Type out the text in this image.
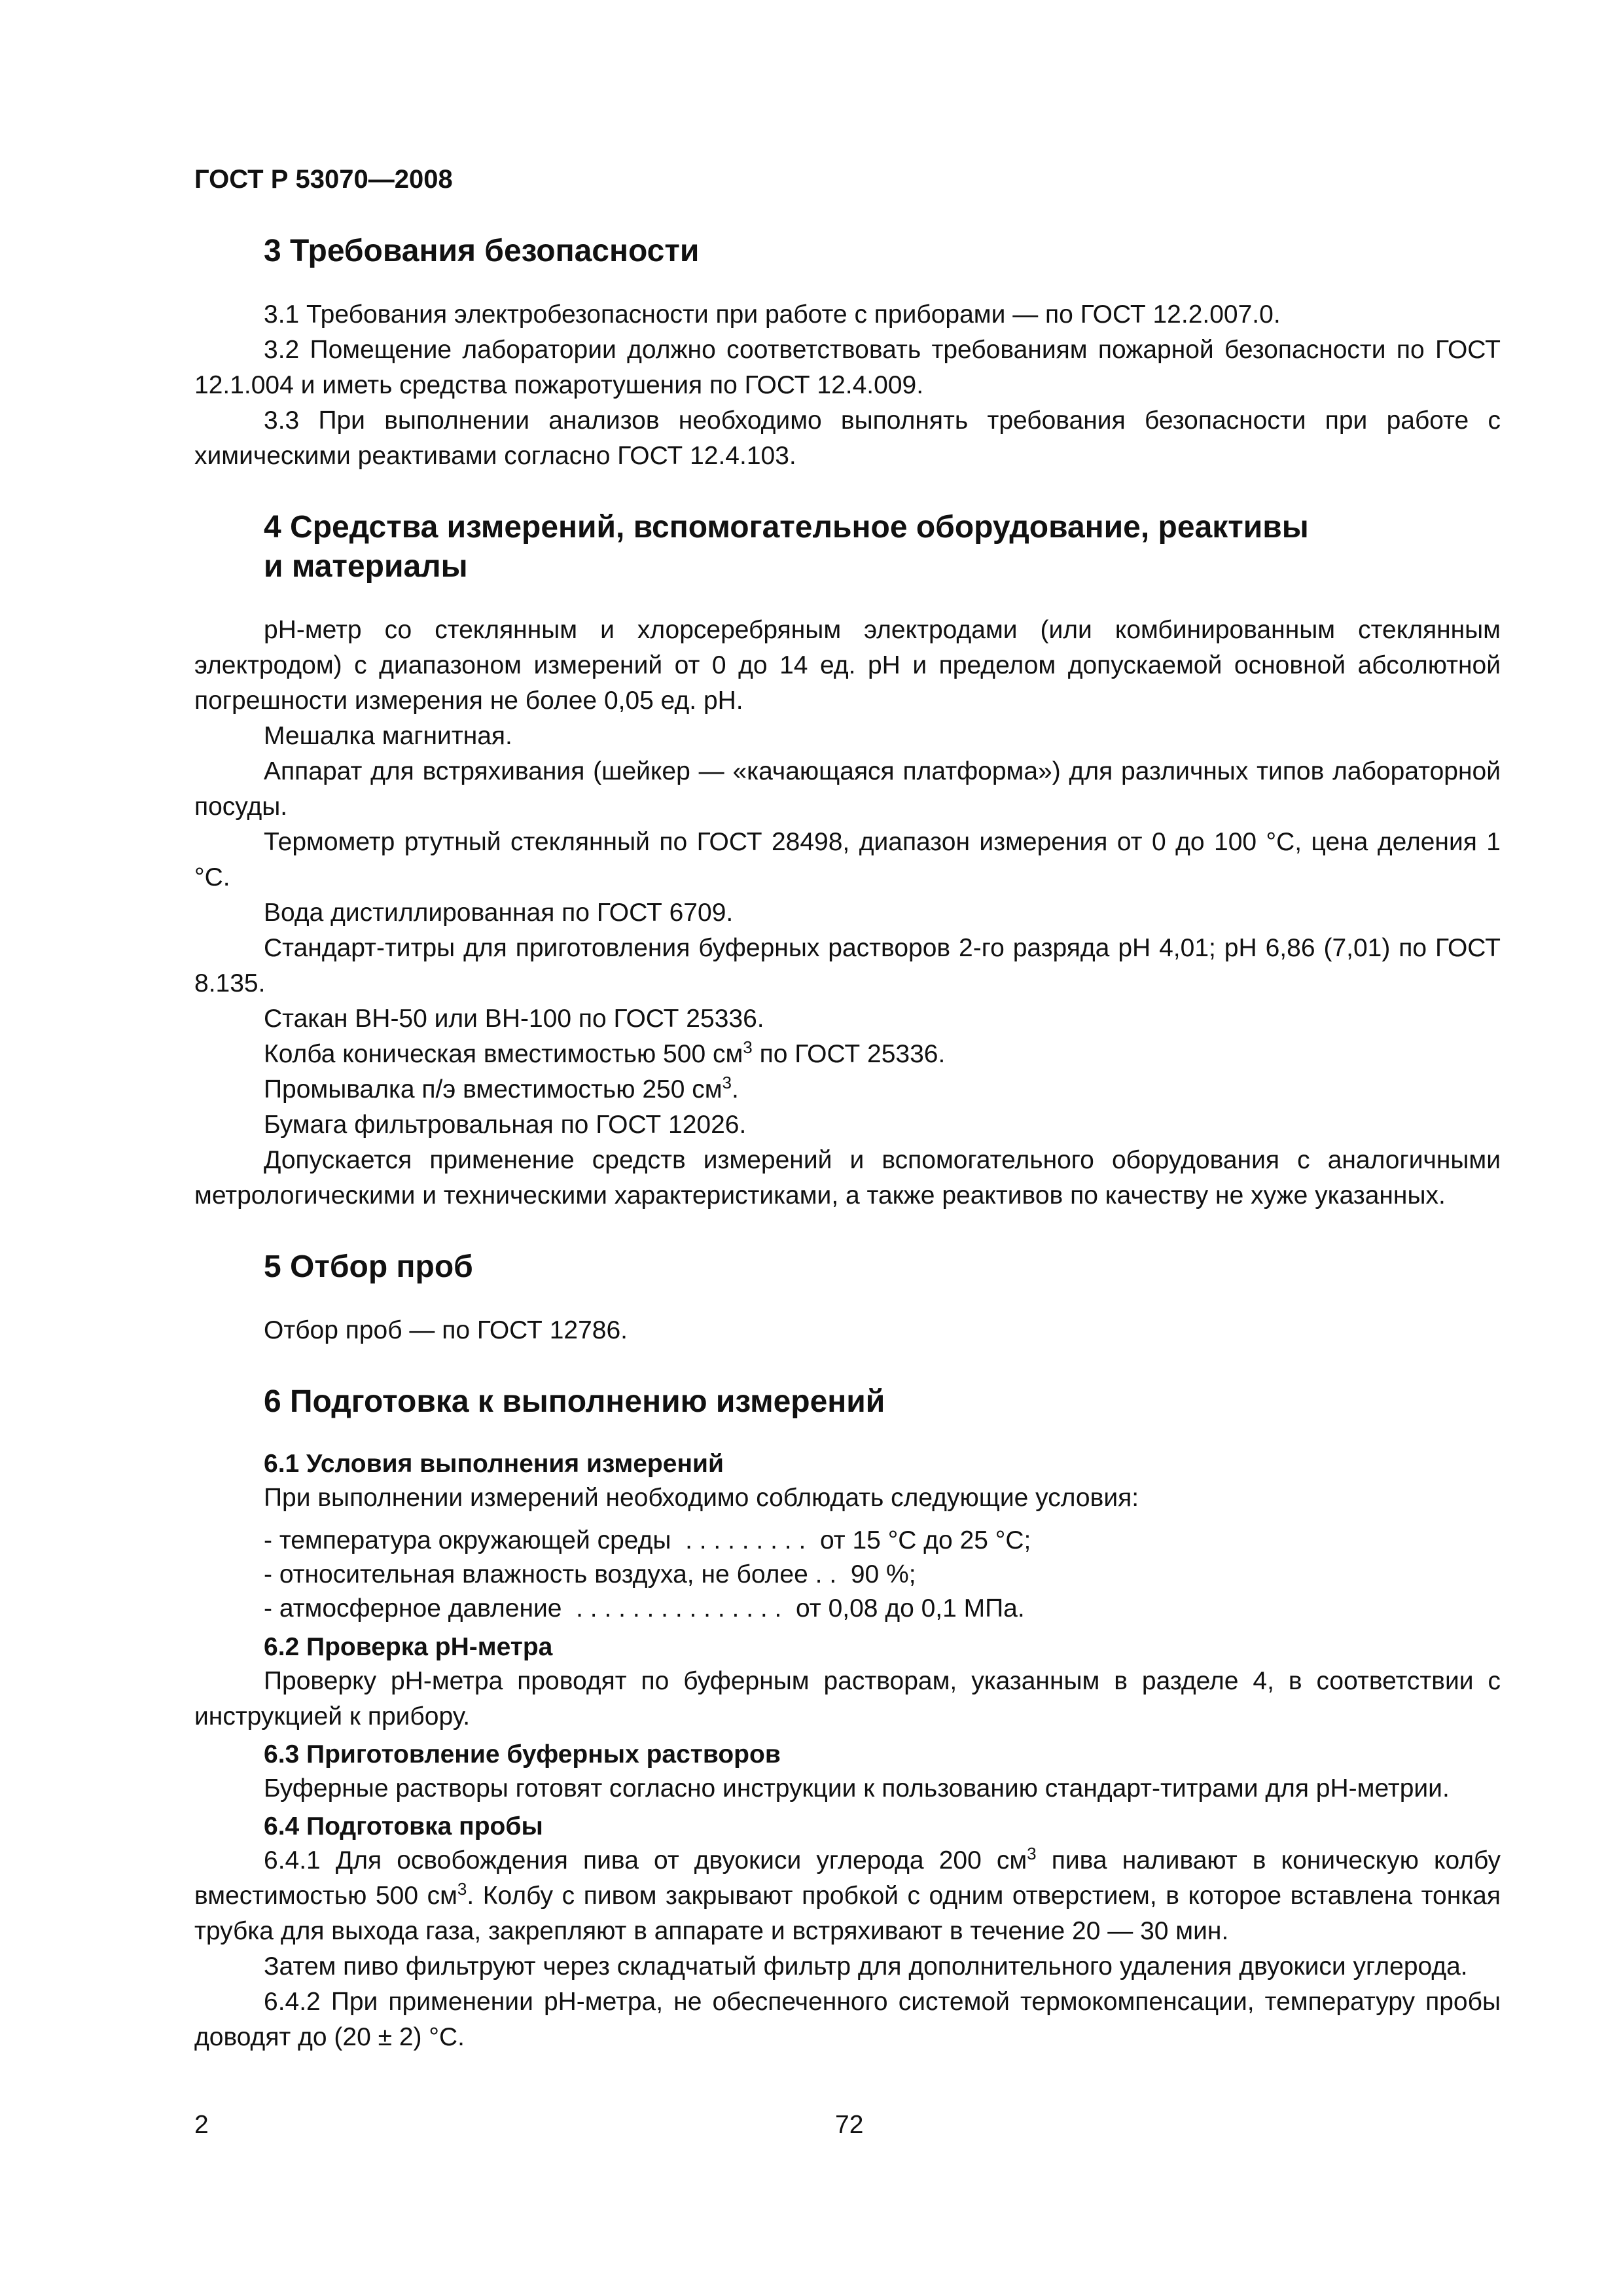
ГОСТ Р 53070—2008
3 Требования безопасности

3.1 Требования электробезопасности при работе с приборами — по ГОСТ 12.2.007.0.

3.2 Помещение лаборатории должно соответствовать требованиям пожарной безопасности по ГОСТ 12.1.004 и иметь средства пожаротушения по ГОСТ 12.4.009.

3.3 При выполнении анализов необходимо выполнять требования безопасности при работе с химическими реактивами согласно ГОСТ 12.4.103.

4 Средства измерений, вспомогательное оборудование, реактивы
и материалы

pH-метр со стеклянным и хлорсеребряным электродами (или комбинированным стеклянным электродом) с диапазоном измерений от 0 до 14 ед. pH и пределом допускаемой основной абсолютной погрешности измерения не более 0,05 ед. pH.

Мешалка магнитная.

Аппарат для встряхивания (шейкер — «качающаяся платформа») для различных типов лабораторной посуды.

Термометр ртутный стеклянный по ГОСТ 28498, диапазон измерения от 0 до 100 °С, цена деления 1 °С.

Вода дистиллированная по ГОСТ 6709.

Стандарт-титры для приготовления буферных растворов 2-го разряда pH 4,01; pH 6,86 (7,01) по ГОСТ 8.135.

Стакан ВН-50 или ВН-100 по ГОСТ 25336.

Колба коническая вместимостью 500 $см^3$ по ГОСТ 25336.

Промывалка п/э вместимостью 250 $см^3$.

Бумага фильтровальная по ГОСТ 12026.

Допускается применение средств измерений и вспомогательного оборудования с аналогичными метрологическими и техническими характеристиками, а также реактивов по качеству не хуже указанных.

5 Отбор проб

Отбор проб — по ГОСТ 12786.

6 Подготовка к выполнению измерений
6.1 Условия выполнения измерений

При выполнении измерений необходимо соблюдать следующие условия:

- температура окружающей среды  . . . . . . . . . от 15 °С до 25 °С;
- относительная влажность воздуха, не более . . 90 %;
- атмосферное давление  . . . . . . . . . . . . . . . от 0,08 до 0,1 МПа.
6.2 Проверка pH-метра

Проверку pH-метра проводят по буферным растворам, указанным в разделе 4, в соответствии с инструкцией к прибору.

6.3 Приготовление буферных растворов

Буферные растворы готовят согласно инструкции к пользованию стандарт-титрами для pH-метрии.

6.4 Подготовка пробы

6.4.1 Для освобождения пива от двуокиси углерода 200 $см^3$ пива наливают в коническую колбу вместимостью 500 $см^3$. Колбу с пивом закрывают пробкой с одним отверстием, в которое вставлена тонкая трубка для выхода газа, закрепляют в аппарате и встряхивают в течение 20 — 30 мин.

Затем пиво фильтруют через складчатый фильтр для дополнительного удаления двуокиси углерода.

6.4.2 При применении pH-метра, не обеспеченного системой термокомпенсации, температуру пробы доводят до (20 ± 2) °С.

2	72
